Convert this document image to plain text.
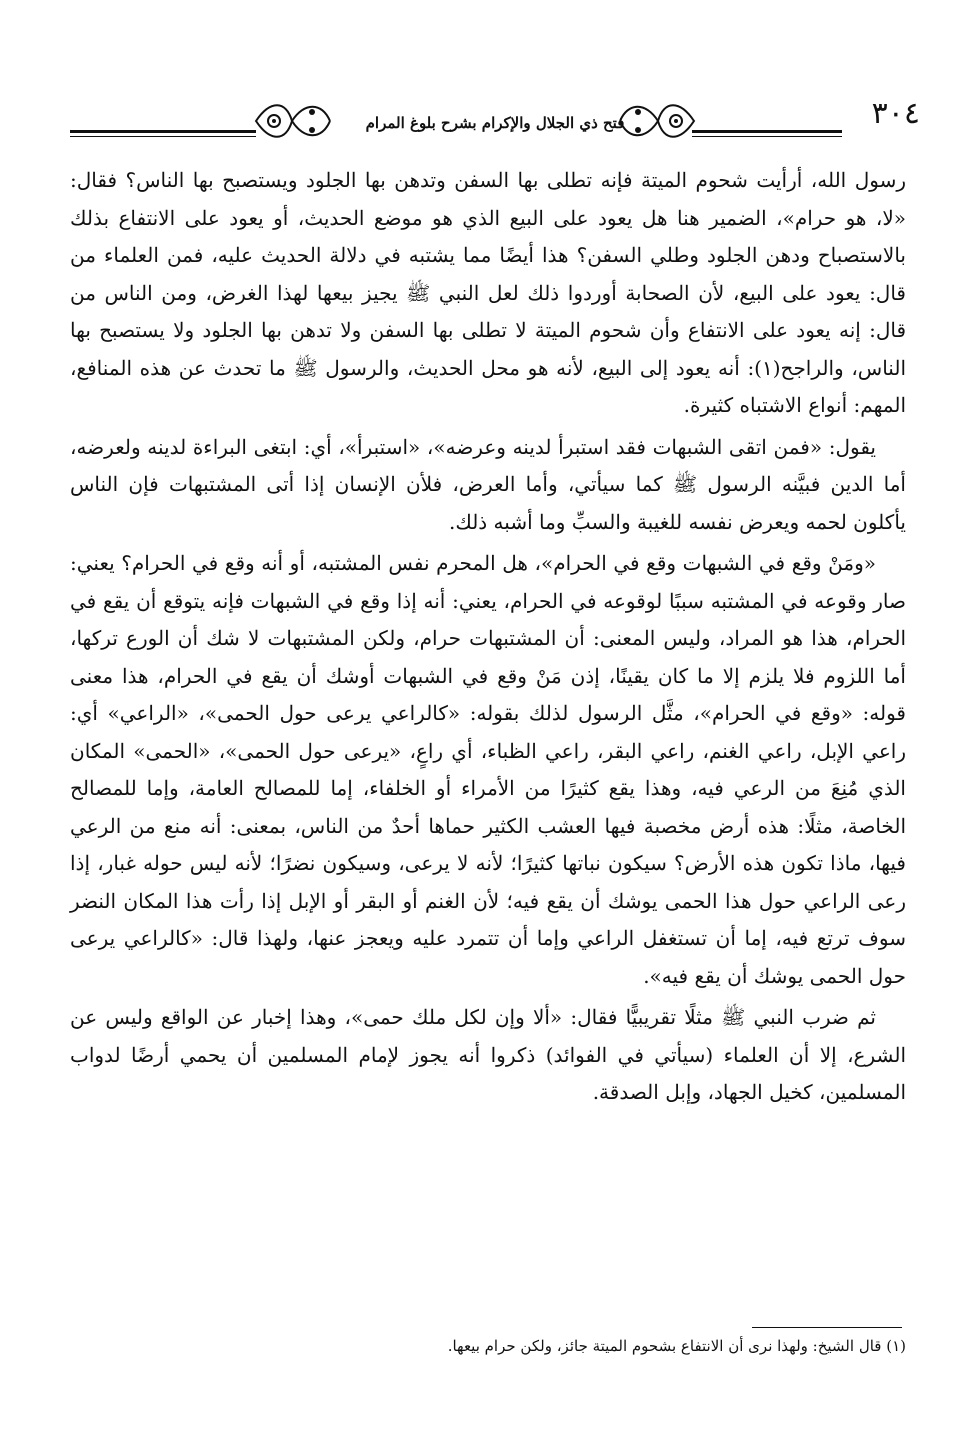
٣٠٤
فتح ذي الجلال والإكرام بشرح بلوغ المرام

رسول الله، أرأيت شحوم الميتة فإنه تطلى بها السفن وتدهن بها الجلود ويستصبح بها الناس؟ فقال: «لا، هو حرام»، الضمير هنا هل يعود على البيع الذي هو موضع الحديث، أو يعود على الانتفاع بذلك بالاستصباح ودهن الجلود وطلي السفن؟ هذا أيضًا مما يشتبه في دلالة الحديث عليه، فمن العلماء من قال: يعود على البيع، لأن الصحابة أوردوا ذلك لعل النبي ﷺ يجيز بيعها لهذا الغرض، ومن الناس من قال: إنه يعود على الانتفاع وأن شحوم الميتة لا تطلى بها السفن ولا تدهن بها الجلود ولا يستصبح بها الناس، والراجح(١): أنه يعود إلى البيع، لأنه هو محل الحديث، والرسول ﷺ ما تحدث عن هذه المنافع، المهم: أنواع الاشتباه كثيرة.

يقول: «فمن اتقى الشبهات فقد استبرأ لدينه وعرضه»، «استبرأ»، أي: ابتغى البراءة لدينه ولعرضه، أما الدين فبيَّنه الرسول ﷺ كما سيأتي، وأما العرض، فلأن الإنسان إذا أتى المشتبهات فإن الناس يأكلون لحمه ويعرض نفسه للغيبة والسبِّ وما أشبه ذلك.

«ومَنْ وقع في الشبهات وقع في الحرام»، هل المحرم نفس المشتبه، أو أنه وقع في الحرام؟ يعني: صار وقوعه في المشتبه سببًا لوقوعه في الحرام، يعني: أنه إذا وقع في الشبهات فإنه يتوقع أن يقع في الحرام، هذا هو المراد، وليس المعنى: أن المشتبهات حرام، ولكن المشتبهات لا شك أن الورع تركها، أما اللزوم فلا يلزم إلا ما كان يقينًا، إذن مَنْ وقع في الشبهات أوشك أن يقع في الحرام، هذا معنى قوله: «وقع في الحرام»، مثَّل الرسول لذلك بقوله: «كالراعي يرعى حول الحمى»، «الراعي» أي: راعي الإبل، راعي الغنم، راعي البقر، راعي الظباء، أي راعٍ، «يرعى حول الحمى»، «الحمى» المكان الذي مُنِعَ من الرعي فيه، وهذا يقع كثيرًا من الأمراء أو الخلفاء، إما للمصالح العامة، وإما للمصالح الخاصة، مثلًا: هذه أرض مخصبة فيها العشب الكثير حماها أحدٌ من الناس، بمعنى: أنه منع من الرعي فيها، ماذا تكون هذه الأرض؟ سيكون نباتها كثيرًا؛ لأنه لا يرعى، وسيكون نضرًا؛ لأنه ليس حوله غبار، إذا رعى الراعي حول هذا الحمى يوشك أن يقع فيه؛ لأن الغنم أو البقر أو الإبل إذا رأت هذا المكان النضر سوف ترتع فيه، إما أن تستغفل الراعي وإما أن تتمرد عليه ويعجز عنها، ولهذا قال: «كالراعي يرعى حول الحمى يوشك أن يقع فيه».

ثم ضرب النبي ﷺ مثلًا تقريبيًّا فقال: «ألا وإن لكل ملك حمى»، وهذا إخبار عن الواقع وليس عن الشرع، إلا أن العلماء (سيأتي في الفوائد) ذكروا أنه يجوز لإمام المسلمين أن يحمي أرضًا لدواب المسلمين، كخيل الجهاد، وإبل الصدقة.

(١) قال الشيخ: ولهذا نرى أن الانتفاع بشحوم الميتة جائز، ولكن حرام بيعها.
